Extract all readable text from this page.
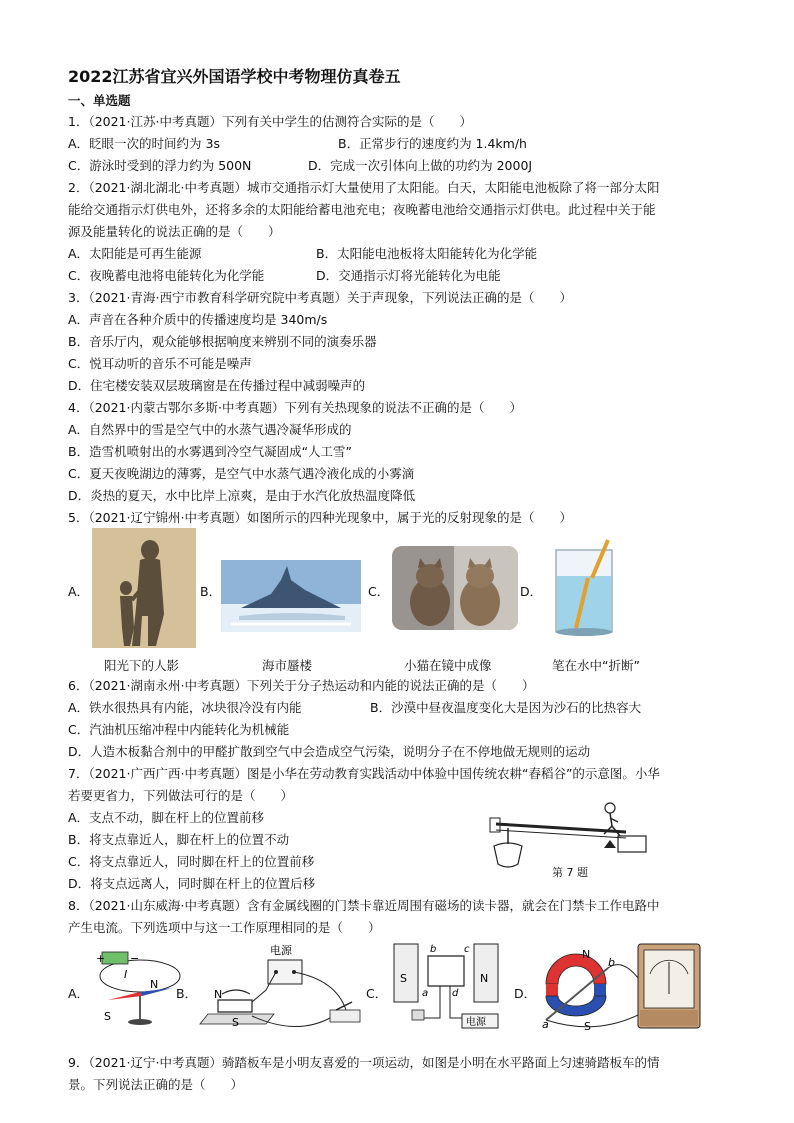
2022江苏省宜兴外国语学校中考物理仿真卷五
一、单选题
1．（2021·江苏·中考真题）下列有关中学生的估测符合实际的是（　　）
A．眨眼一次的时间约为 3s	B．正常步行的速度约为 1.4km/h
C．游泳时受到的浮力约为 500N	D．完成一次引体向上做的功约为 2000J
2．（2021·湖北湖北·中考真题）城市交通指示灯大量使用了太阳能。白天，太阳能电池板除了将一部分太阳
能给交通指示灯供电外，还将多余的太阳能给蓄电池充电；夜晚蓄电池给交通指示灯供电。此过程中关于能
源及能量转化的说法正确的是（　　）
A．太阳能是可再生能源	B．太阳能电池板将太阳能转化为化学能
C．夜晚蓄电池将电能转化为化学能	D．交通指示灯将光能转化为电能
3．（2021·青海·西宁市教育科学研究院中考真题）关于声现象，下列说法正确的是（　　）
A．声音在各种介质中的传播速度均是 340m/s
B．音乐厅内，观众能够根据响度来辨别不同的演奏乐器
C．悦耳动听的音乐不可能是噪声
D．住宅楼安装双层玻璃窗是在传播过程中减弱噪声的
4．（2021·内蒙古鄂尔多斯·中考真题）下列有关热现象的说法不正确的是（　　）
A．自然界中的雪是空气中的水蒸气遇冷凝华形成的
B．造雪机喷射出的水雾遇到冷空气凝固成“人工雪”
C．夏天夜晚湖边的薄雾，是空气中水蒸气遇冷液化成的小雾滴
D．炎热的夏天，水中比岸上凉爽，是由于水汽化放热温度降低
5．（2021·辽宁锦州·中考真题）如图所示的四种光现象中，属于光的反射现象的是（　　）
A．	B．	C．	D．
阳光下的人影	海市蜃楼	小猫在镜中成像	笔在水中“折断”
6．（2021·湖南永州·中考真题）下列关于分子热运动和内能的说法正确的是（　　）
A．铁水很热具有内能，冰块很冷没有内能	B．沙漠中昼夜温度变化大是因为沙石的比热容大
C．汽油机压缩冲程中内能转化为机械能
D．人造木板黏合剂中的甲醛扩散到空气中会造成空气污染，说明分子在不停地做无规则的运动
7．（2021·广西广西·中考真题）图是小华在劳动教育实践活动中体验中国传统农耕“舂稻谷”的示意图。小华
若要更省力，下列做法可行的是（　　）
A．支点不动，脚在杆上的位置前移
B．将支点靠近人，脚在杆上的位置不动
C．将支点靠近人，同时脚在杆上的位置前移
D．将支点远离人，同时脚在杆上的位置后移
第 7 题
8．（2021·山东威海·中考真题）含有金属线圈的门禁卡靠近周围有磁场的读卡器，就会在门禁卡工作电路中
产生电流。下列选项中与这一工作原理相同的是（　　）
A．
+ −
I
N
S
B．
电源
N
S
C．
S	N
b	c
a d
电源
D．
N
S
a
b
9．（2021·辽宁·中考真题）骑踏板车是小明友喜爱的一项运动，如图是小明在水平路面上匀速骑踏板车的情
景。下列说法正确的是（　　）
